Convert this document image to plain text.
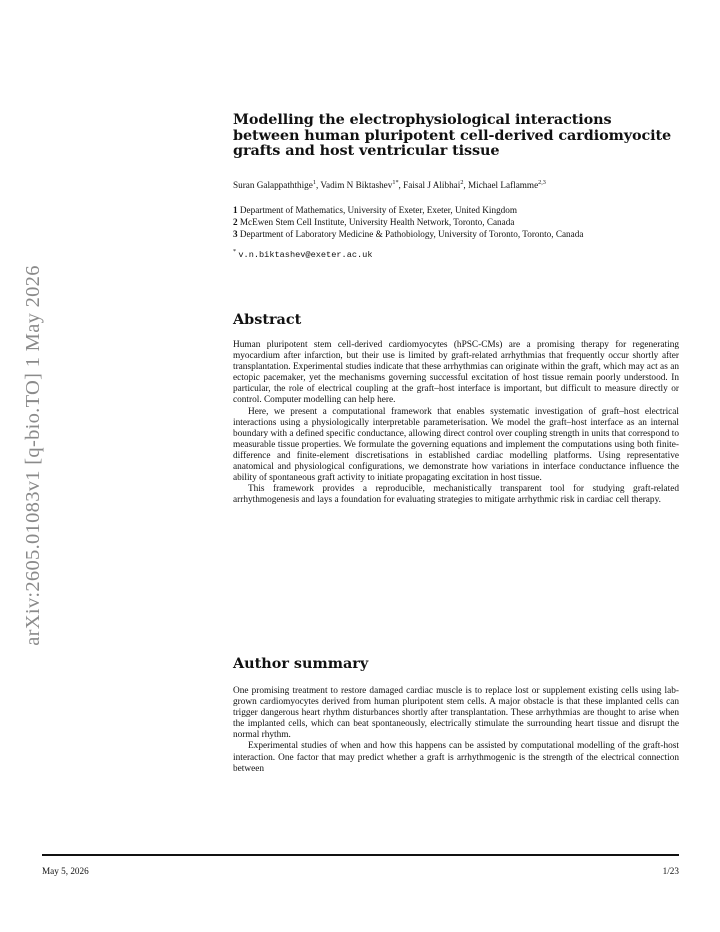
arXiv:2605.01083v1 [q-bio.TO] 1 May 2026
Modelling the electrophysiological interactions between human pluripotent cell-derived cardiomyocite grafts and host ventricular tissue
Suran Galappaththige$^1$, Vadim N Biktashev$^{1*}$, Faisal J Alibhai$^2$, Michael Laflamme$^{2,3}$
1 Department of Mathematics, University of Exeter, Exeter, United Kingdom
2 McEwen Stem Cell Institute, University Health Network, Toronto, Canada
3 Department of Laboratory Medicine & Pathobiology, University of Toronto, Toronto, Canada
* v.n.biktashev@exeter.ac.uk
Abstract

Human pluripotent stem cell-derived cardiomyocytes (hPSC-CMs) are a promising therapy for regenerating myocardium after infarction, but their use is limited by graft-related arrhythmias that frequently occur shortly after transplantation. Experimental studies indicate that these arrhythmias can originate within the graft, which may act as an ectopic pacemaker, yet the mechanisms governing successful excitation of host tissue remain poorly understood. In particular, the role of electrical coupling at the graft–host interface is important, but difficult to measure directly or control. Computer modelling can help here.

Here, we present a computational framework that enables systematic investigation of graft–host electrical interactions using a physiologically interpretable parameterisation. We model the graft–host interface as an internal boundary with a defined specific conductance, allowing direct control over coupling strength in units that correspond to measurable tissue properties. We formulate the governing equations and implement the computations using both finite-difference and finite-element discretisations in established cardiac modelling platforms. Using representative anatomical and physiological configurations, we demonstrate how variations in interface conductance influence the ability of spontaneous graft activity to initiate propagating excitation in host tissue.

This framework provides a reproducible, mechanistically transparent tool for studying graft-related arrhythmogenesis and lays a foundation for evaluating strategies to mitigate arrhythmic risk in cardiac cell therapy.

Author summary

One promising treatment to restore damaged cardiac muscle is to replace lost or supplement existing cells using lab-grown cardiomyocytes derived from human pluripotent stem cells. A major obstacle is that these implanted cells can trigger dangerous heart rhythm disturbances shortly after transplantation. These arrhythmias are thought to arise when the implanted cells, which can beat spontaneously, electrically stimulate the surrounding heart tissue and disrupt the normal rhythm.

Experimental studies of when and how this happens can be assisted by computational modelling of the graft-host interaction. One factor that may predict whether a graft is arrhythmogenic is the strength of the electrical connection between

May 5, 2026	1/23
